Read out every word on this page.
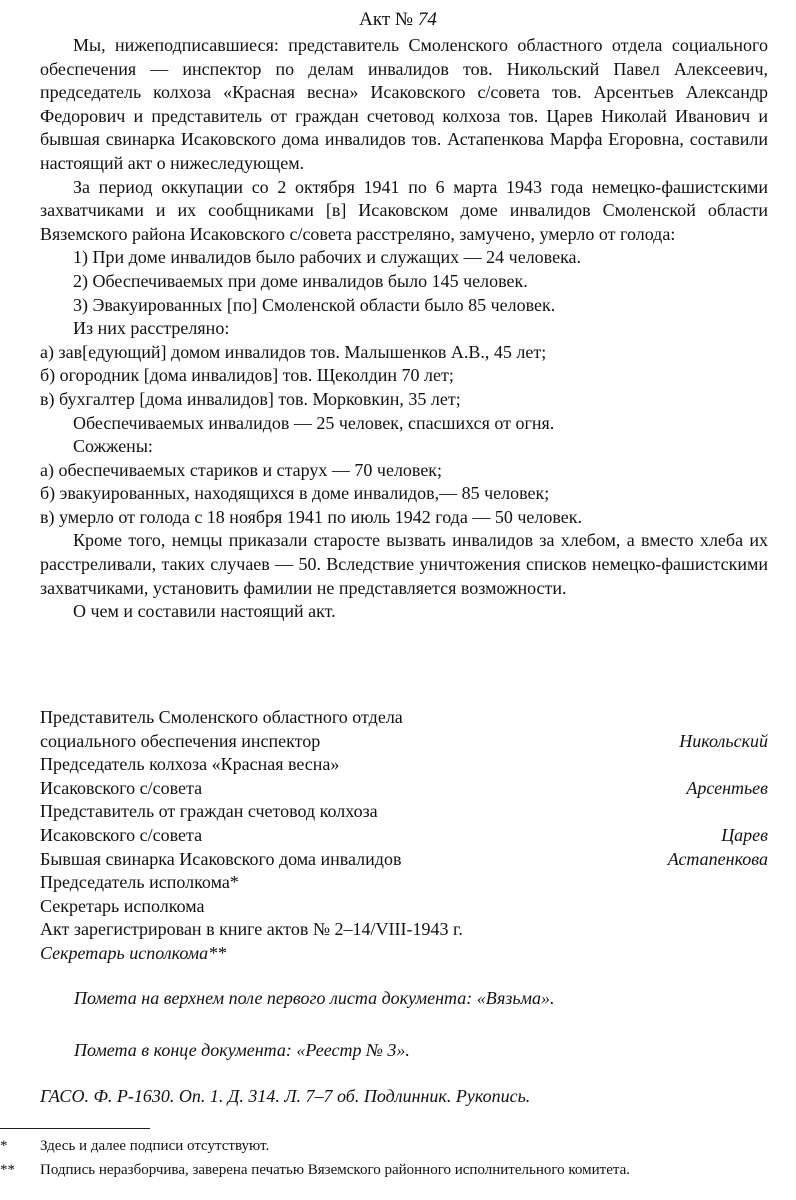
Акт № 74

Мы, нижеподписавшиеся: представитель Смоленского областного отдела социального обеспечения — инспектор по делам инвалидов тов. Никольский Павел Алексеевич, председатель колхоза «Красная весна» Исаковского с/совета тов. Арсентьев Александр Федорович и представитель от граждан счетовод колхоза тов. Царев Николай Иванович и бывшая свинарка Исаковского дома инвалидов тов. Астапенкова Марфа Егоровна, составили настоящий акт о нижеследующем.

За период оккупации со 2 октября 1941 по 6 марта 1943 года немецко-фашистскими захватчиками и их сообщниками [в] Исаковском доме инвалидов Смоленской области Вяземского района Исаковского с/совета расстреляно, замучено, умерло от голода:

1) При доме инвалидов было рабочих и служащих — 24 человека.

2) Обеспечиваемых при доме инвалидов было 145 человек.

3) Эвакуированных [по] Смоленской области было 85 человек.

Из них расстреляно:

а) зав[едующий] домом инвалидов тов. Малышенков А.В., 45 лет;

б) огородник [дома инвалидов] тов. Щеколдин 70 лет;

в) бухгалтер [дома инвалидов] тов. Морковкин, 35 лет;

Обеспечиваемых инвалидов — 25 человек, спасшихся от огня.

Сожжены:

а) обеспечиваемых стариков и старух — 70 человек;

б) эвакуированных, находящихся в доме инвалидов,— 85 человек;

в) умерло от голода с 18 ноября 1941 по июль 1942 года — 50 человек.

Кроме того, немцы приказали старосте вызвать инвалидов за хлебом, а вместо хлеба их расстреливали, таких случаев — 50. Вследствие уничтожения списков немецко-фашистскими захватчиками, установить фамилии не представляется возможности.

О чем и составили настоящий акт.

Представитель Смоленского областного отдела
социального обеспечения инспектор	Никольский
Председатель колхоза «Красная весна»
Исаковского с/совета	Арсентьев
Представитель от граждан счетовод колхоза
Исаковского с/совета	Царев
Бывшая свинарка Исаковского дома инвалидов	Астапенкова
Председатель исполкома*
Секретарь исполкома
Акт зарегистрирован в книге актов № 2–14/VIII-1943 г.
Секретарь исполкома**
Помета на верхнем поле первого листа документа: «Вязьма».
Помета в конце документа: «Реестр № 3».
ГАСО. Ф. Р-1630. Оп. 1. Д. 314. Л. 7–7 об. Подлинник. Рукопись.
* Здесь и далее подписи отсутствуют.
** Подпись неразборчива, заверена печатью Вяземского районного исполнительного комитета.
